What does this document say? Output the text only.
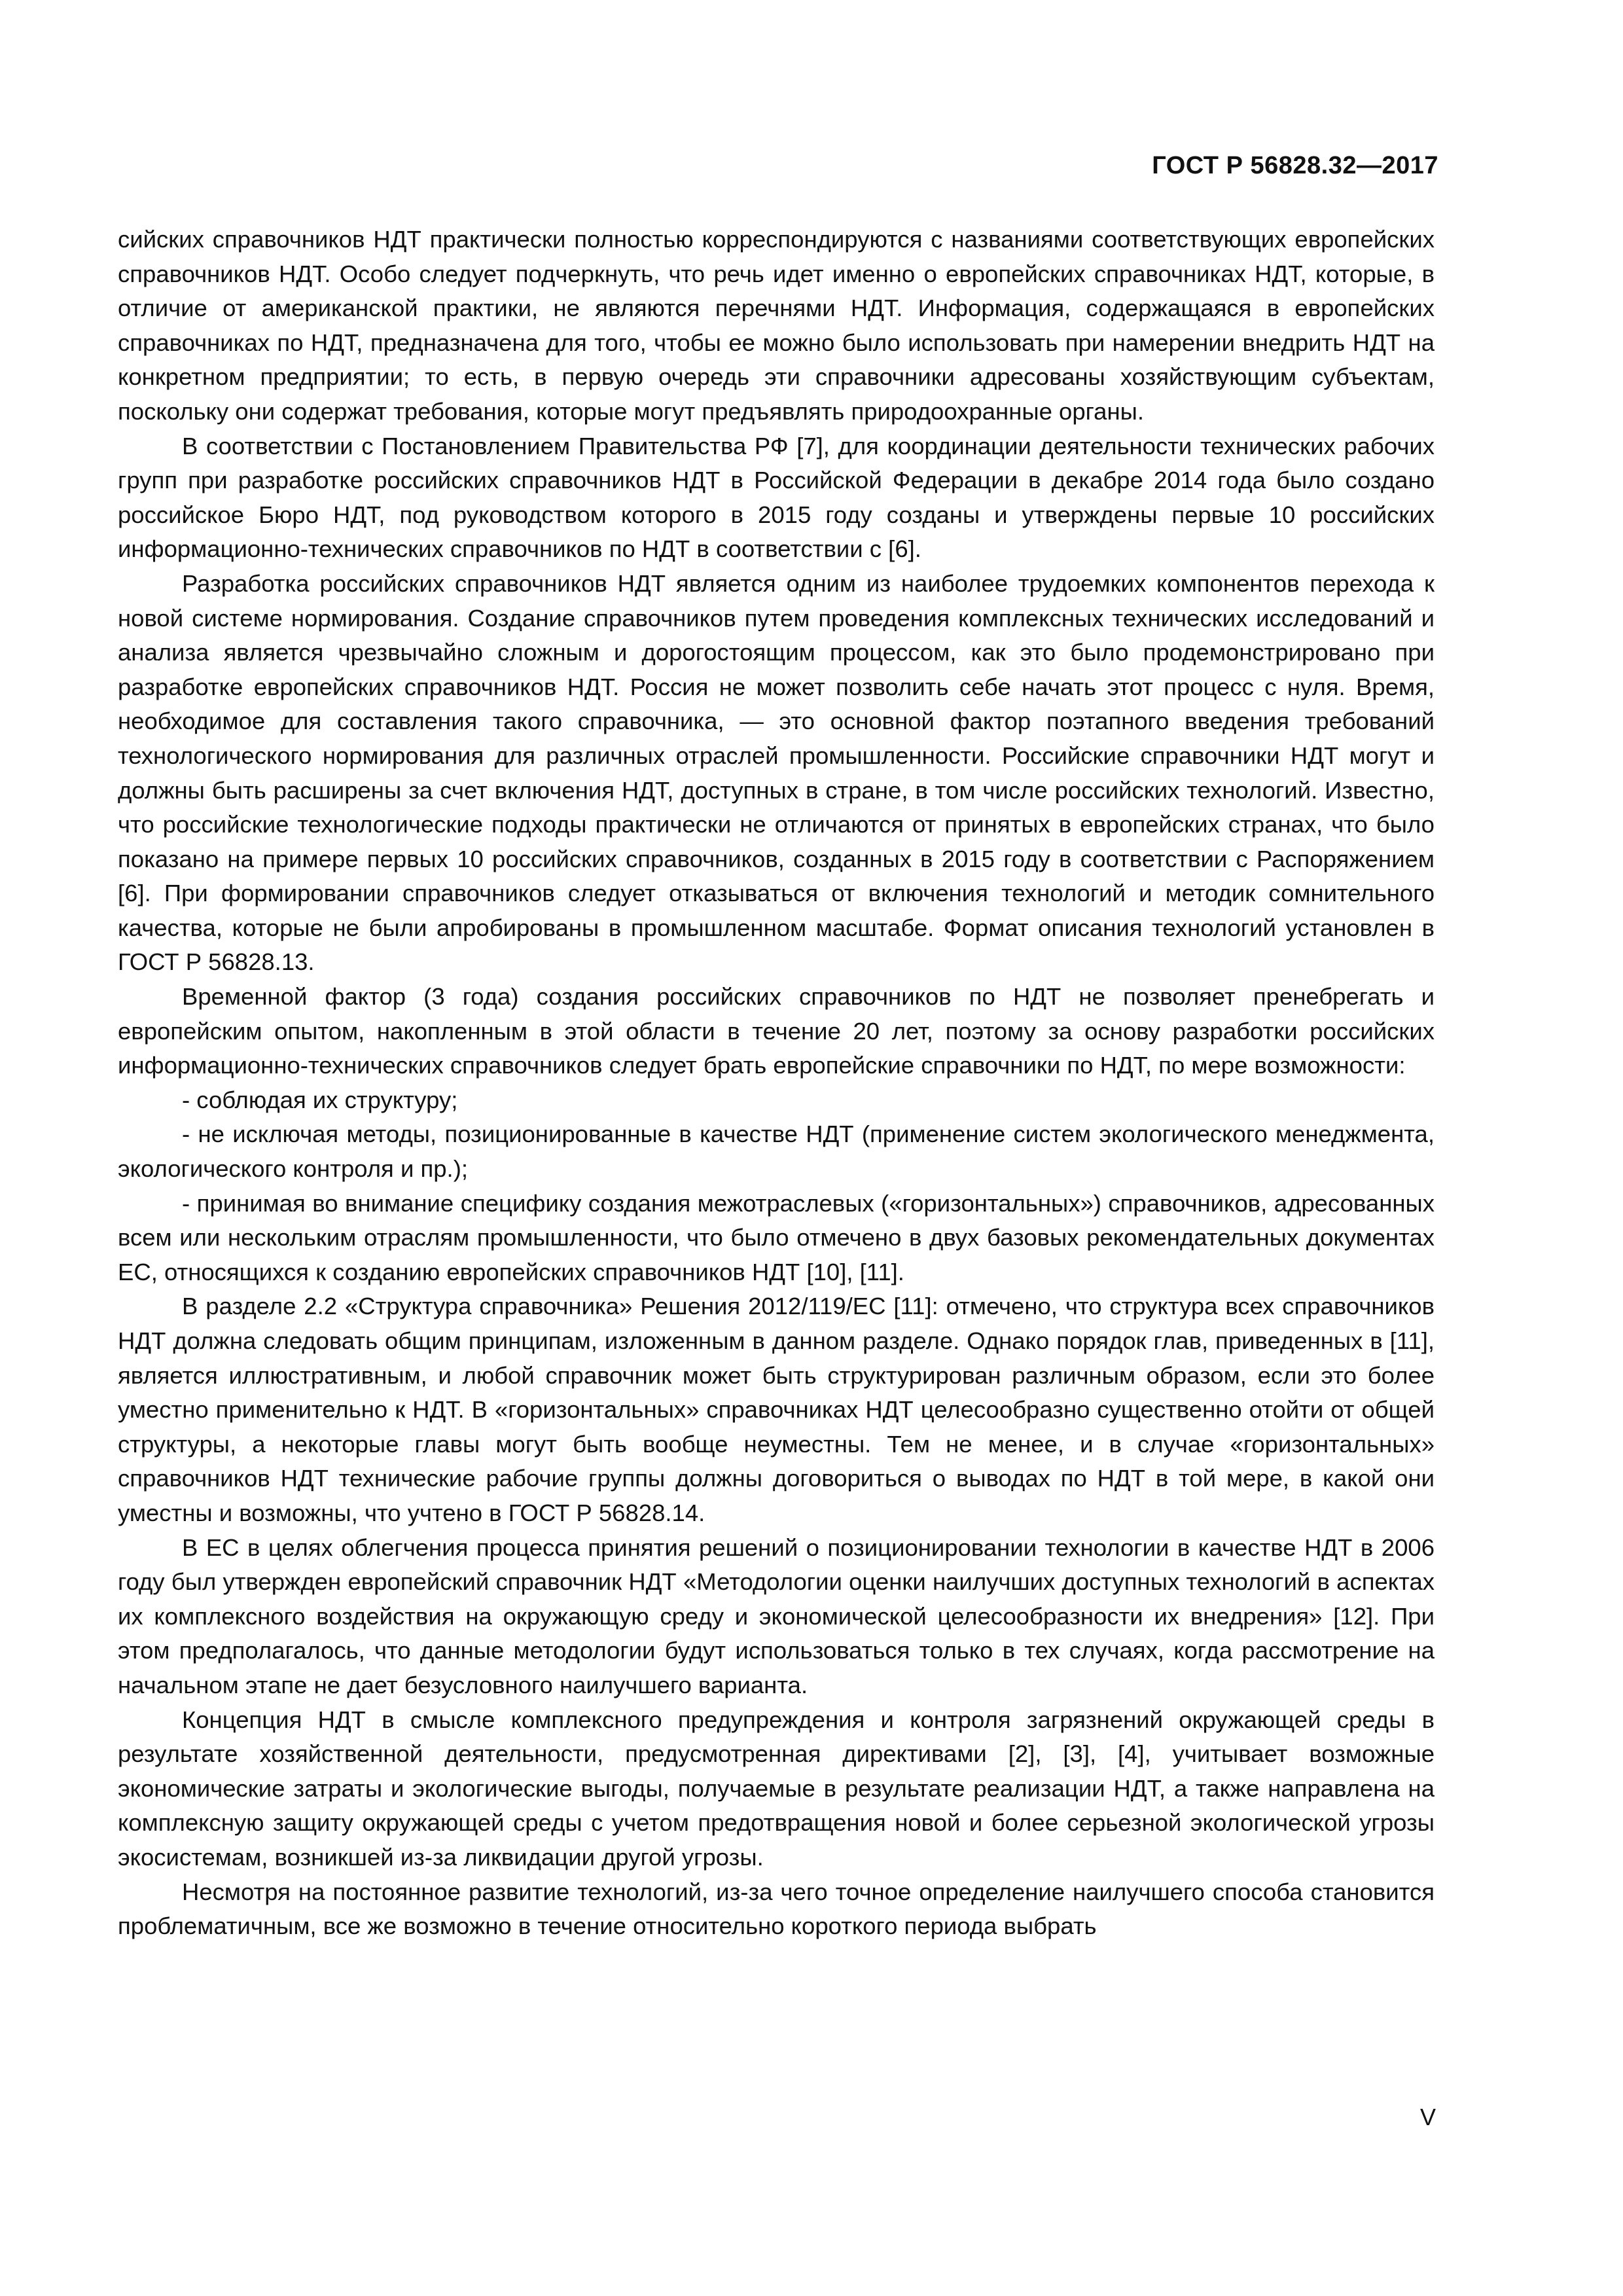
ГОСТ Р 56828.32—2017

сийских справочников НДТ практически полностью корреспондируются с названиями соответствующих европейских справочников НДТ. Особо следует подчеркнуть, что речь идет именно о европейских справочниках НДТ, которые, в отличие от американской практики, не являются перечнями НДТ. Информация, содержащаяся в европейских справочниках по НДТ, предназначена для того, чтобы ее можно было использовать при намерении внедрить НДТ на конкретном предприятии; то есть, в первую очередь эти справочники адресованы хозяйствующим субъектам, поскольку они содержат требования, которые могут предъявлять природоохранные органы.

В соответствии с Постановлением Правительства РФ [7], для координации деятельности технических рабочих групп при разработке российских справочников НДТ в Российской Федерации в декабре 2014 года было создано российское Бюро НДТ, под руководством которого в 2015 году созданы и утверждены первые 10 российских информационно-технических справочников по НДТ в соответствии с [6].

Разработка российских справочников НДТ является одним из наиболее трудоемких компонентов перехода к новой системе нормирования. Создание справочников путем проведения комплексных технических исследований и анализа является чрезвычайно сложным и дорогостоящим процессом, как это было продемонстрировано при разработке европейских справочников НДТ. Россия не может позволить себе начать этот процесс с нуля. Время, необходимое для составления такого справочника, — это основной фактор поэтапного введения требований технологического нормирования для различных отраслей промышленности. Российские справочники НДТ могут и должны быть расширены за счет включения НДТ, доступных в стране, в том числе российских технологий. Известно, что российские технологические подходы практически не отличаются от принятых в европейских странах, что было показано на примере первых 10 российских справочников, созданных в 2015 году в соответствии с Распоряжением [6]. При формировании справочников следует отказываться от включения технологий и методик сомнительного качества, которые не были апробированы в промышленном масштабе. Формат описания технологий установлен в ГОСТ Р 56828.13.

Временной фактор (3 года) создания российских справочников по НДТ не позволяет пренебрегать и европейским опытом, накопленным в этой области в течение 20 лет, поэтому за основу разработки российских информационно-технических справочников следует брать европейские справочники по НДТ, по мере возможности:

- соблюдая их структуру;

- не исключая методы, позиционированные в качестве НДТ (применение систем экологического менеджмента, экологического контроля и пр.);

- принимая во внимание специфику создания межотраслевых («горизонтальных») справочников, адресованных всем или нескольким отраслям промышленности, что было отмечено в двух базовых рекомендательных документах ЕС, относящихся к созданию европейских справочников НДТ [10], [11].

В разделе 2.2 «Структура справочника» Решения 2012/119/ЕС [11]: отмечено, что структура всех справочников НДТ должна следовать общим принципам, изложенным в данном разделе. Однако порядок глав, приведенных в [11], является иллюстративным, и любой справочник может быть структурирован различным образом, если это более уместно применительно к НДТ. В «горизонтальных» справочниках НДТ целесообразно существенно отойти от общей структуры, а некоторые главы могут быть вообще неуместны. Тем не менее, и в случае «горизонтальных» справочников НДТ технические рабочие группы должны договориться о выводах по НДТ в той мере, в какой они уместны и возможны, что учтено в ГОСТ Р 56828.14.

В ЕС в целях облегчения процесса принятия решений о позиционировании технологии в качестве НДТ в 2006 году был утвержден европейский справочник НДТ «Методологии оценки наилучших доступных технологий в аспектах их комплексного воздействия на окружающую среду и экономической целесообразности их внедрения» [12]. При этом предполагалось, что данные методологии будут использоваться только в тех случаях, когда рассмотрение на начальном этапе не дает безусловного наилучшего варианта.

Концепция НДТ в смысле комплексного предупреждения и контроля загрязнений окружающей среды в результате хозяйственной деятельности, предусмотренная директивами [2], [3], [4], учитывает возможные экономические затраты и экологические выгоды, получаемые в результате реализации НДТ, а также направлена на комплексную защиту окружающей среды с учетом предотвращения новой и более серьезной экологической угрозы экосистемам, возникшей из-за ликвидации другой угрозы.

Несмотря на постоянное развитие технологий, из-за чего точное определение наилучшего способа становится проблематичным, все же возможно в течение относительно короткого периода выбрать

V
